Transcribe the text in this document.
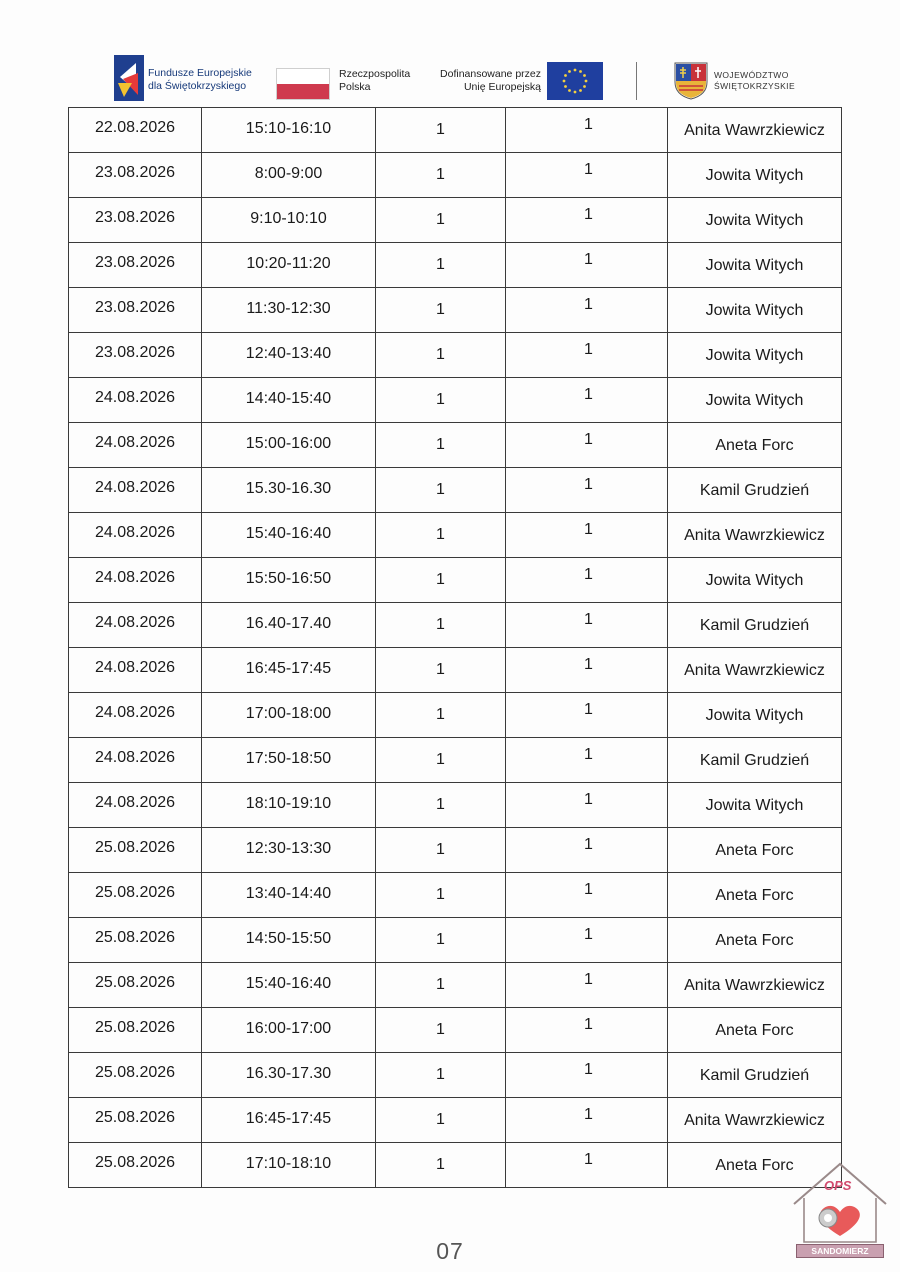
Fundusze Europejskie
dla Świętokrzyskiego
Rzeczpospolita
Polska
Dofinansowane przez
Unię Europejską
WOJEWÓDZTWO
ŚWIĘTOKRZYSKIE
22.08.2026	15:10-16:10	1	1	Anita Wawrzkiewicz
23.08.2026	8:00-9:00	1	1	Jowita Witych
23.08.2026	9:10-10:10	1	1	Jowita Witych
23.08.2026	10:20-11:20	1	1	Jowita Witych
23.08.2026	11:30-12:30	1	1	Jowita Witych
23.08.2026	12:40-13:40	1	1	Jowita Witych
24.08.2026	14:40-15:40	1	1	Jowita Witych
24.08.2026	15:00-16:00	1	1	Aneta Forc
24.08.2026	15.30-16.30	1	1	Kamil Grudzień
24.08.2026	15:40-16:40	1	1	Anita Wawrzkiewicz
24.08.2026	15:50-16:50	1	1	Jowita Witych
24.08.2026	16.40-17.40	1	1	Kamil Grudzień
24.08.2026	16:45-17:45	1	1	Anita Wawrzkiewicz
24.08.2026	17:00-18:00	1	1	Jowita Witych
24.08.2026	17:50-18:50	1	1	Kamil Grudzień
24.08.2026	18:10-19:10	1	1	Jowita Witych
25.08.2026	12:30-13:30	1	1	Aneta Forc
25.08.2026	13:40-14:40	1	1	Aneta Forc
25.08.2026	14:50-15:50	1	1	Aneta Forc
25.08.2026	15:40-16:40	1	1	Anita Wawrzkiewicz
25.08.2026	16:00-17:00	1	1	Aneta Forc
25.08.2026	16.30-17.30	1	1	Kamil Grudzień
25.08.2026	16:45-17:45	1	1	Anita Wawrzkiewicz
25.08.2026	17:10-18:10	1	1	Aneta Forc
07
OPS
SANDOMIERZ
